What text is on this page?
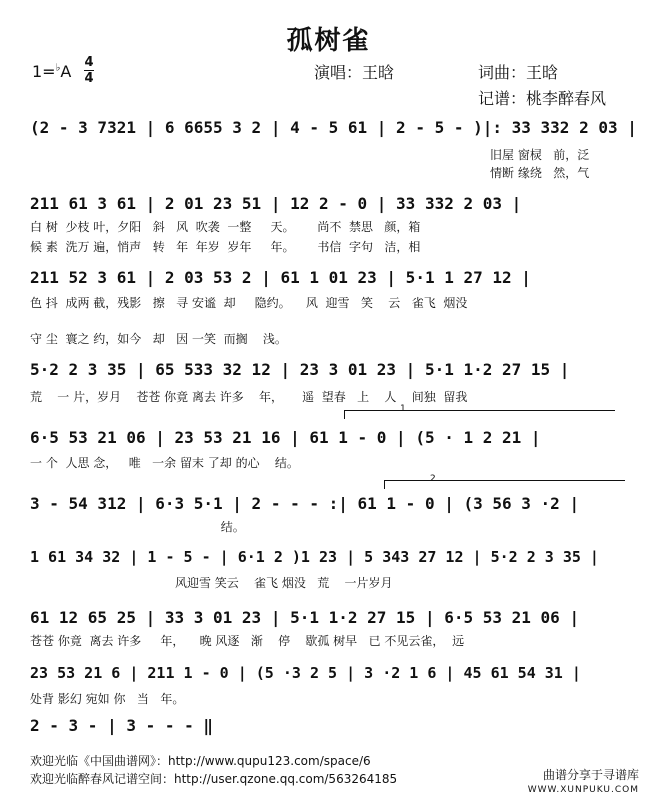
孤树雀
1=♭A 4
4	演唱：王晗	词曲：王晗
记谱：桃李醉春风
1
2
(2 - 3 7321 | 6 6655 3 2 | 4 - 5 61 | 2 - 5 - )|: 33 332 2 03 |
旧屋 窗棂   前，泛
情断 缘绕   然，气
211 61 3 61 | 2 01 23 51 | 12 2 - 0 | 33 332 2 03 |
白 树  少枝 叶，夕阳   斜   风  吹袭  一整     天。      尚不  禁思   颜，箱
候 素  洗万 遍，悄声   转   年  年岁  岁年     年。      书信  字句   洁，相
211 52 3 61 | 2 03 53 2 | 61 1 01 23 | 5·1 1 27 12 |
色 抖  成两 截，残影   擦   寻 安谧  却     隐约。    风  迎雪   笑    云   雀飞  烟没
守 尘  寰之 约，如今   却   因 一笑  而搁    浅。
5·2 2 3 35 | 65 533 32 12 | 23 3 01 23 | 5·1 1·2 27 15 |
荒    一 片，岁月    苍苍 你竟 离去 许多    年，     遥  望春   上    人    间独  留我
6·5 53 21 06 | 23 53 21 16 | 61 1 - 0 | (5 · 1 2 21 |
一 个  人思 念，   唯   一余 留末 了却 的心    结。
3 - 54 312 | 6·3 5·1 | 2 - - - :| 61 1 - 0 | (3 56 3 ·2 |
结。
1 61 34 32 | 1 - 5 - | 6·1 2 )1 23 | 5 343 27 12 | 5·2 2 3 35 |
风迎雪 笑云    雀飞 烟没   荒    一片岁月
61 12 65 25 | 33 3 01 23 | 5·1 1·2 27 15 | 6·5 53 21 06 |
苍苍 你竟  离去 许多     年，    晚 风逐   渐    停    歇孤 树早   已 不见云雀，  远
23 53 21 6 | 211 1 - 0 | (5 ·3 2 5 | 3 ·2 1 6 | 45 61 54 31 |
处背 影幻 宛如 你   当   年。
2 - 3 - | 3 - - - ‖
欢迎光临《中国曲谱网》：http://www.qupu123.com/space/6
欢迎光临醉春风记谱空间：http://user.qzone.qq.com/563264185	曲谱分享于寻谱库
WWW.XUNPUKU.COM
